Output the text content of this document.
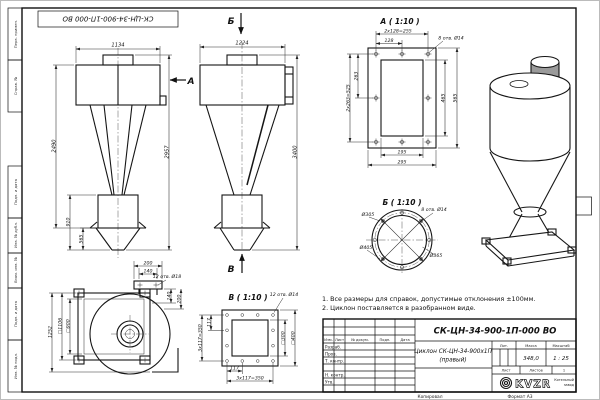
Перв. примен.
Справ. №
Подп. и дата
Инв. № дубл.
Взам. инв. №
Подп. и дата
Инв. № подл.
СК-ЦН-34-900-1П-000 ВО
1134
2490	2957
910
565
А
Б
В
1224
3400
А ( 1:10 )
128
2х128=255
8 отв. Ø14
263
2х263=525	465 565
195
295
Б ( 1:10 )
Ø305
Ø405
Ø365
8 отв. Ø14
В ( 1:10 ) 12 отв. Ø14
117
3х117=350
117
3х117=350
□300 □400
140
200
12 отв. Ø18
140 200
□900
□1106
1252
1. Все размеры для справок, допустимые отклонения ±100мм.
2. Циклон поставляется в разобранном виде.
Изм. Лист № докум.	Подп.	Дата
Разраб.
Пров.
Т. контр.
Н. контр.
Утв.
СК-ЦН-34-900-1П-000 ВО
Циклон СК-ЦН-34-900х1П
(правый)
Лит.	Масса	Масштаб
348,0	1 : 25
Лист	Листов	1
KVZR Котельный
завод
Копировал	Формат А3
